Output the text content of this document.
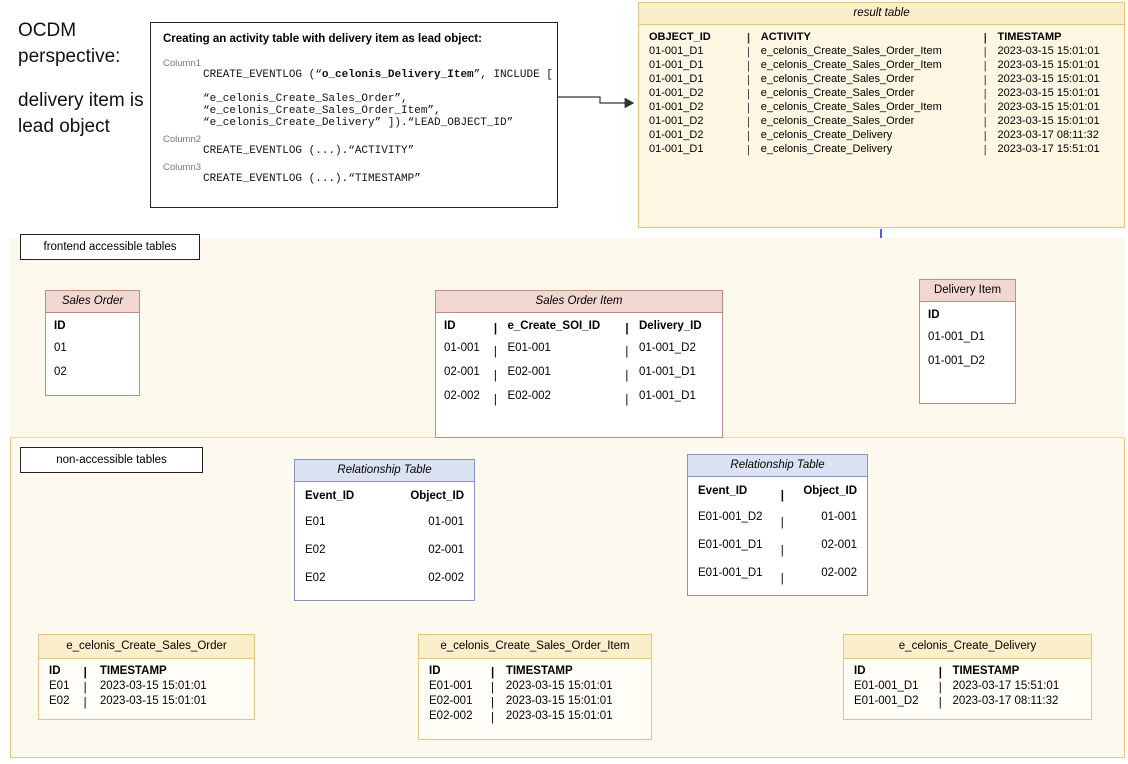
OCDM perspective:
delivery item is lead object
Creating an activity table with delivery item as lead object:
Column1
CREATE_EVENTLOG (“o_celonis_Delivery_Item”, INCLUDE [

“e_celonis_Create_Sales_Order”,
“e_celonis_Create_Sales_Order_Item”,
“e_celonis_Create_Delivery” ]).“LEAD_OBJECT_ID”
Column2
CREATE_EVENTLOG (...).“ACTIVITY”
Column3
CREATE_EVENTLOG (...).“TIMESTAMP”
result table
OBJECT_ID	|	ACTIVITY	|	TIMESTAMP
01-001_D1	|	e_celonis_Create_Sales_Order_Item	|	2023-03-15 15:01:01
01-001_D1	|	e_celonis_Create_Sales_Order_Item	|	2023-03-15 15:01:01
01-001_D1	|	e_celonis_Create_Sales_Order	|	2023-03-15 15:01:01
01-001_D2	|	e_celonis_Create_Sales_Order	|	2023-03-15 15:01:01
01-001_D2	|	e_celonis_Create_Sales_Order_Item	|	2023-03-15 15:01:01
01-001_D2	|	e_celonis_Create_Sales_Order	|	2023-03-15 15:01:01
01-001_D2	|	e_celonis_Create_Delivery	|	2023-03-17 08:11:32
01-001_D1	|	e_celonis_Create_Delivery	|	2023-03-17 15:51:01
frontend accessible tables
non-accessible tables
Sales Order
ID
01
02
Sales Order Item
ID	|	e_Create_SOI_ID	|	Delivery_ID
01-001	|	E01-001	|	01-001_D2
02-001	|	E02-001	|	01-001_D1
02-002	|	E02-002	|	01-001_D1
Delivery Item
ID
01-001_D1
01-001_D2
Relationship Table
Event_ID	Object_ID
E01	01-001
E02	02-001
E02	02-002
Relationship Table
Event_ID	|	Object_ID
E01-001_D2	|	01-001
E01-001_D1	|	02-001
E01-001_D1	|	02-002
e_celonis_Create_Sales_Order
ID	|	TIMESTAMP
E01	|	2023-03-15 15:01:01
E02	|	2023-03-15 15:01:01
e_celonis_Create_Sales_Order_Item
ID	|	TIMESTAMP
E01-001	|	2023-03-15 15:01:01
E02-001	|	2023-03-15 15:01:01
E02-002	|	2023-03-15 15:01:01
e_celonis_Create_Delivery
ID	|	TIMESTAMP
E01-001_D1	|	2023-03-17 15:51:01
E01-001_D2	|	2023-03-17 08:11:32
